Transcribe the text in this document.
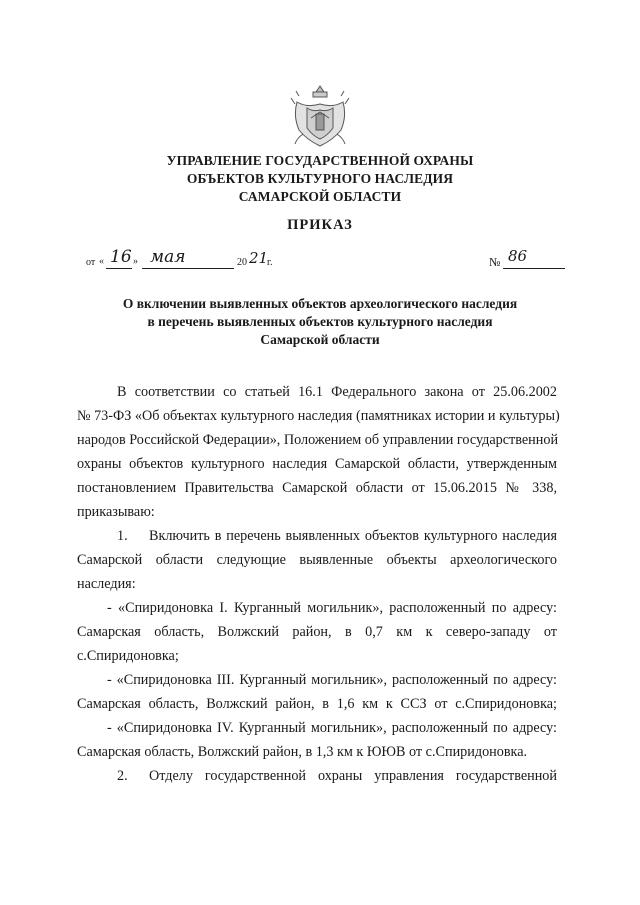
УПРАВЛЕНИЕ ГОСУДАРСТВЕННОЙ ОХРАНЫ
ОБЪЕКТОВ КУЛЬТУРНОГО НАСЛЕДИЯ
САМАРСКОЙ ОБЛАСТИ
ПРИКАЗ
от « 16 » мая	20 21
г.	№ 86
О включении выявленных объектов археологического наследия
в перечень выявленных объектов культурного наследия
Самарской области
В соответствии со статьей 16.1 Федерального закона от 25.06.2002
№ 73-ФЗ «Об объектах культурного наследия (памятниках истории и культуры)
народов Российской Федерации», Положением об управлении государственной
охраны объектов культурного наследия Самарской области, утвержденным
постановлением Правительства Самарской области от 15.06.2015 № 338,
приказываю:
1. Включить в перечень выявленных объектов культурного наследия
Самарской области следующие выявленные объекты археологического
наследия:
- «Спиридоновка I. Курганный могильник», расположенный по адресу:
Самарская область, Волжский район, в 0,7 км к северо-западу от
с.Спиридоновка;
- «Спиридоновка III. Курганный могильник», расположенный по адресу:
Самарская область, Волжский район, в 1,6 км к ССЗ от с.Спиридоновка;
- «Спиридоновка IV. Курганный могильник», расположенный по адресу:
Самарская область, Волжский район, в 1,3 км к ЮЮВ от с.Спиридоновка.
2. Отделу государственной охраны управления государственной
